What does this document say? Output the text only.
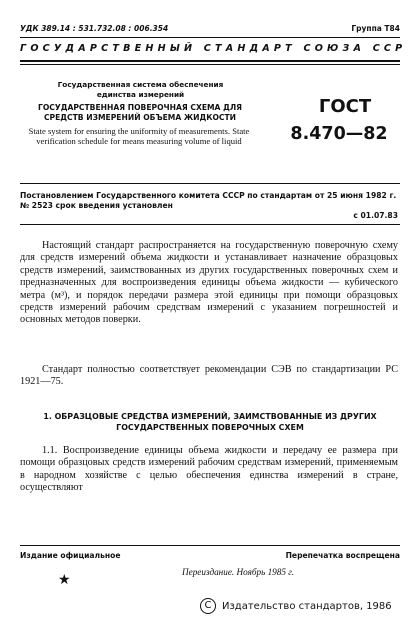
УДК 389.14 : 531.732.08 : 006.354	Группа Т84
ГОСУДАРСТВЕННЫЙ СТАНДАРТ СОЮЗА ССР
Государственная система обеспечения единства измерений
ГОСУДАРСТВЕННАЯ ПОВЕРОЧНАЯ СХЕМА ДЛЯ СРЕДСТВ ИЗМЕРЕНИЙ ОБЪЕМА ЖИДКОСТИ
State system for ensuring the uniformity of measurements. State verification schedule for means measuring volume of liquid
ГОСТ
8.470—82
Постановлением Государственного комитета СССР по стандартам от 25 июня 1982 г. № 2523 срок введения установлен
с 01.07.83
Настоящий стандарт распространяется на государственную поверочную схему для средств измерений объема жидкости и устанавливает назначение образцовых средств измерений, заимствованных из других государственных поверочных схем и предназначенных для воспроизведения единицы объема жидкости — кубического метра (м³), и порядок передачи размера этой единицы при помощи образцовых средств измерений рабочим средствам измерений с указанием погрешностей и основных методов поверки.
Стандарт полностью соответствует рекомендации СЭВ по стандартизации РС 1921—75.
1. ОБРАЗЦОВЫЕ СРЕДСТВА ИЗМЕРЕНИЙ, ЗАИМСТВОВАННЫЕ ИЗ ДРУГИХ ГОСУДАРСТВЕННЫХ ПОВЕРОЧНЫХ СХЕМ
1.1. Воспроизведение единицы объема жидкости и передачу ее размера при помощи образцовых средств измерений рабочим средствам измерений, применяемым в народном хозяйстве с целью обеспечения единства измерений в стране, осуществляют
Издание официальное	Перепечатка воспрещена
Переиздание. Ноябрь 1985 г.
★
C Издательство стандартов, 1986
